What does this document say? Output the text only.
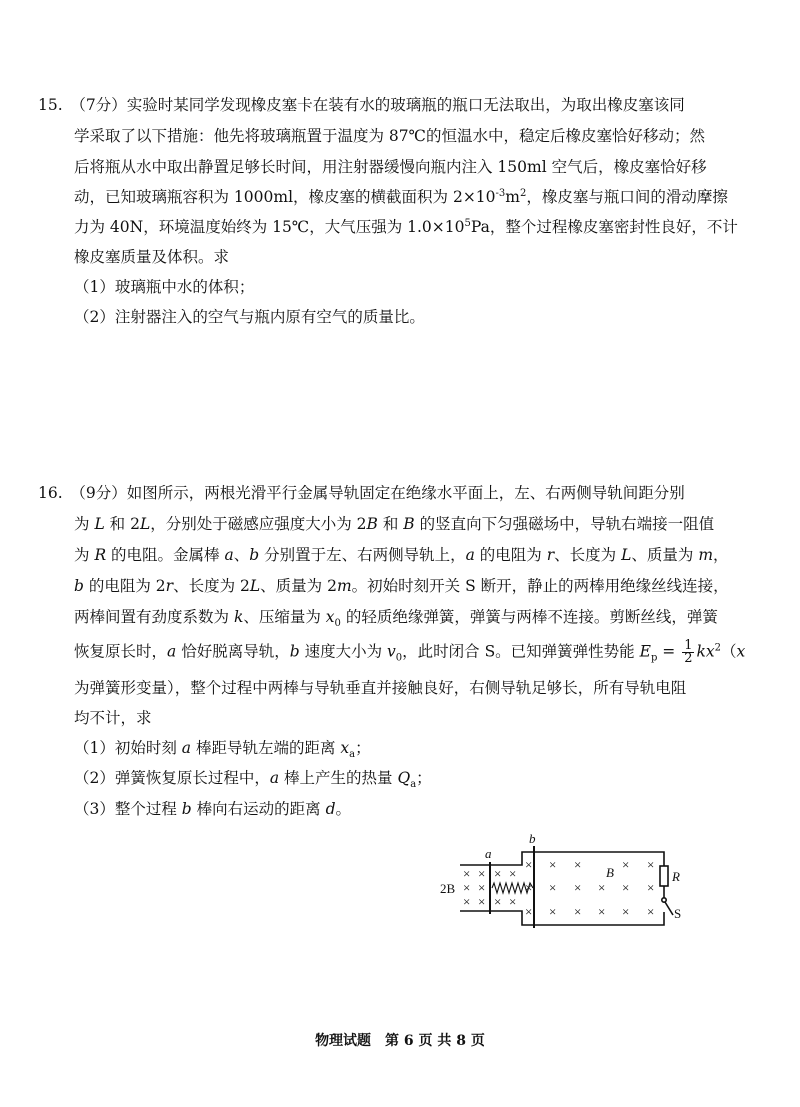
15.　（7分）实验时某同学发现橡皮塞卡在装有水的玻璃瓶的瓶口无法取出，为取出橡皮塞该同
学采取了以下措施：他先将玻璃瓶置于温度为 87℃的恒温水中，稳定后橡皮塞恰好移动；然
后将瓶从水中取出静置足够长时间，用注射器缓慢向瓶内注入 150ml 空气后，橡皮塞恰好移
动，已知玻璃瓶容积为 1000ml，橡皮塞的横截面积为 $2\times 10^{-3}m^2$，橡皮塞与瓶口间的滑动摩擦
力为 40N，环境温度始终为 15℃，大气压强为 $1.0\times 10^5Pa$，整个过程橡皮塞密封性良好，不计
橡皮塞质量及体积。求
（1）玻璃瓶中水的体积；
（2）注射器注入的空气与瓶内原有空气的质量比。
16.　（9分）如图所示，两根光滑平行金属导轨固定在绝缘水平面上，左、右两侧导轨间距分别
为 L 和 2L，分别处于磁感应强度大小为 2B 和 B 的竖直向下匀强磁场中，导轨右端接一阻值
为 R 的电阻。金属棒 a、b 分别置于左、右两侧导轨上，a 的电阻为 r、长度为 L、质量为 m，
b 的电阻为 2r、长度为 2L、质量为 2m。初始时刻开关 S 断开，静止的两棒用绝缘丝线连接，
两棒间置有劲度系数为 k、压缩量为 $x_0$ 的轻质绝缘弹簧，弹簧与两棒不连接。剪断丝线，弹簧
恢复原长时，a 恰好脱离导轨，b 速度大小为 $v_0$，此时闭合 S。已知弹簧弹性势能 $E_p = \frac{1}{2} kx^2(x$
为弹簧形变量），整个过程中两棒与导轨垂直并接触良好，右侧导轨足够长，所有导轨电阻
均不计，求
（1）初始时刻 a 棒距导轨左端的距离 $x_a$；
（2）弹簧恢复原长过程中，a 棒上产生的热量 $Q_a$；
（3）整个过程 b 棒向右运动的距离 d。
× ×
× ×
× ×
× ×
× ×
× × ×	× ×
× × × × × ×
× × × × × ×
a
b
2B
B	R
S
物理试题　第 6 页 共 8 页
